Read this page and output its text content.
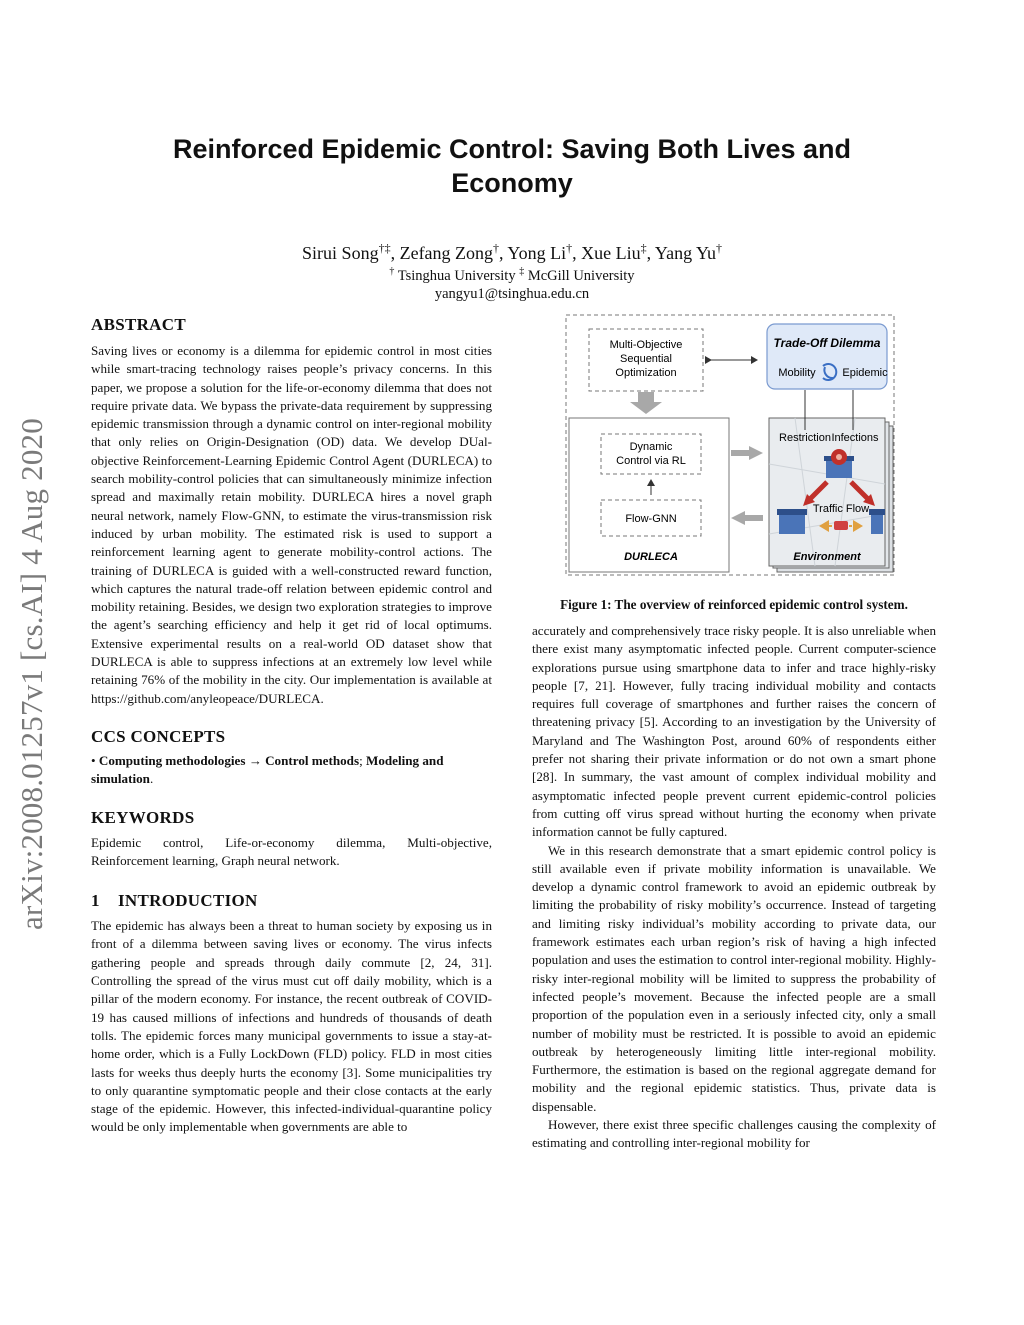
arXiv:2008.01257v1 [cs.AI] 4 Aug 2020
Reinforced Epidemic Control: Saving Both Lives and Economy
Sirui Song†‡, Zefang Zong†, Yong Li†, Xue Liu‡, Yang Yu†
† Tsinghua University ‡ McGill University
yangyu1@tsinghua.edu.cn
ABSTRACT

Saving lives or economy is a dilemma for epidemic control in most cities while smart-tracing technology raises people’s privacy concerns. In this paper, we propose a solution for the life-or-economy dilemma that does not require private data. We bypass the private-data requirement by suppressing epidemic transmission through a dynamic control on inter-regional mobility that only relies on Origin-Designation (OD) data. We develop DUal-objective Reinforcement-Learning Epidemic Control Agent (DURLECA) to search mobility-control policies that can simultaneously minimize infection spread and maximally retain mobility. DURLECA hires a novel graph neural network, namely Flow-GNN, to estimate the virus-transmission risk induced by urban mobility. The estimated risk is used to support a reinforcement learning agent to generate mobility-control actions. The training of DURLECA is guided with a well-constructed reward function, which captures the natural trade-off relation between epidemic control and mobility retaining. Besides, we design two exploration strategies to improve the agent’s searching efficiency and help it get rid of local optimums. Extensive experimental results on a real-world OD dataset show that DURLECA is able to suppress infections at an extremely low level while retaining 76% of the mobility in the city. Our implementation is available at https://github.com/anyleopeace/DURLECA.

CCS CONCEPTS
• Computing methodologies → Control methods; Modeling and simulation.
KEYWORDS

Epidemic control, Life-or-economy dilemma, Multi-objective, Reinforcement learning, Graph neural network.

1    INTRODUCTION

The epidemic has always been a threat to human society by exposing us in front of a dilemma between saving lives or economy. The virus infects gathering people and spreads through daily commute [2, 24, 31]. Controlling the spread of the virus must cut off daily mobility, which is a pillar of the modern economy. For instance, the recent outbreak of COVID-19 has caused millions of infections and hundreds of thousands of death tolls. The epidemic forces many municipal governments to issue a stay-at-home order, which is a Fully LockDown (FLD) policy. FLD in most cities lasts for weeks thus deeply hurts the economy [3]. Some municipalities try to only quarantine symptomatic people and their close contacts at the early stage of the epidemic. However, this infected-individual-quarantine policy would be only implementable when governments are able to

Multi-Objective
Sequential
Optimization
Trade-Off Dilemma
Mobility Epidemic
Dynamic
Control via RL
Flow-GNN
DURLECA
Restriction Infections
Traffic Flow
Environment
Figure 1: The overview of reinforced epidemic control system.

accurately and comprehensively trace risky people. It is also unreliable when there exist many asymptomatic infected people. Current computer-science explorations pursue using smartphone data to infer and trace highly-risky people [7, 21]. However, fully tracing individual mobility and contacts requires full coverage of smartphones and further raises the concern of threatening privacy [5]. According to an investigation by the University of Maryland and The Washington Post, around 60% of respondents either prefer not sharing their private information or do not own a smart phone [28]. In summary, the vast amount of complex individual mobility and asymptomatic infected people prevent current epidemic-control policies from cutting off virus spread without hurting the economy when private information cannot be fully captured.

We in this research demonstrate that a smart epidemic control policy is still available even if private mobility information is unavailable. We develop a dynamic control framework to avoid an epidemic outbreak by limiting the probability of risky mobility’s occurrence. Instead of targeting and limiting risky individual’s mobility according to private data, our framework estimates each urban region’s risk of having a high infected population and uses the estimation to control inter-regional mobility. Highly-risky inter-regional mobility will be limited to suppress the probability of infected people’s movement. Because the infected people are a small proportion of the population even in a seriously infected city, only a small number of mobility must be restricted. It is possible to avoid an epidemic outbreak by heterogeneously limiting little inter-regional mobility. Furthermore, the estimation is based on the regional aggregate demand for mobility and the regional epidemic statistics. Thus, private data is dispensable.

However, there exist three specific challenges causing the complexity of estimating and controlling inter-regional mobility for
